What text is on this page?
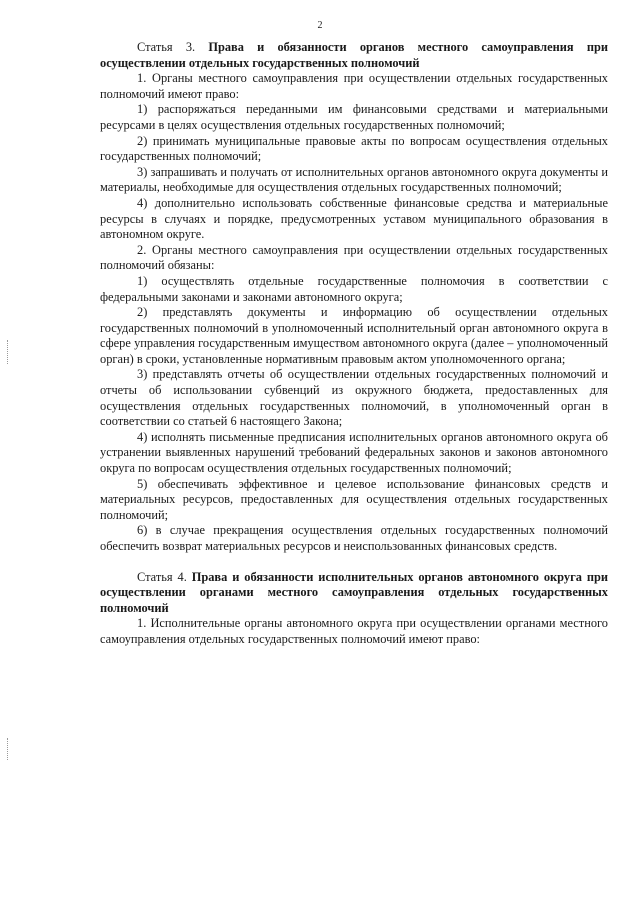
2

Статья 3. Права и обязанности органов местного самоуправления при осуществлении отдельных государственных полномочий

1. Органы местного самоуправления при осуществлении отдельных государственных полномочий имеют право:

1) распоряжаться переданными им финансовыми средствами и материальными ресурсами в целях осуществления отдельных государственных полномочий;

2) принимать муниципальные правовые акты по вопросам осуществления отдельных государственных полномочий;

3) запрашивать и получать от исполнительных органов автономного округа документы и материалы, необходимые для осуществления отдельных государственных полномочий;

4) дополнительно использовать собственные финансовые средства и материальные ресурсы в случаях и порядке, предусмотренных уставом муниципального образования в автономном округе.

2. Органы местного самоуправления при осуществлении отдельных государственных полномочий обязаны:

1) осуществлять отдельные государственные полномочия в соответствии с федеральными законами и законами автономного округа;

2) представлять документы и информацию об осуществлении отдельных государственных полномочий в уполномоченный исполнительный орган автономного округа в сфере управления государственным имуществом автономного округа (далее – уполномоченный орган) в сроки, установленные нормативным правовым актом уполномоченного органа;

3) представлять отчеты об осуществлении отдельных государственных полномочий и отчеты об использовании субвенций из окружного бюджета, предоставленных для осуществления отдельных государственных полномочий, в уполномоченный орган в соответствии со статьей 6 настоящего Закона;

4) исполнять письменные предписания исполнительных органов автономного округа об устранении выявленных нарушений требований федеральных законов и законов автономного округа по вопросам осуществления отдельных государственных полномочий;

5) обеспечивать эффективное и целевое использование финансовых средств и материальных ресурсов, предоставленных для осуществления отдельных государственных полномочий;

6) в случае прекращения осуществления отдельных государственных полномочий обеспечить возврат материальных ресурсов и неиспользованных финансовых средств.

Статья 4. Права и обязанности исполнительных органов автономного округа при осуществлении органами местного самоуправления отдельных государственных полномочий

1. Исполнительные органы автономного округа при осуществлении органами местного самоуправления отдельных государственных полномочий имеют право:
